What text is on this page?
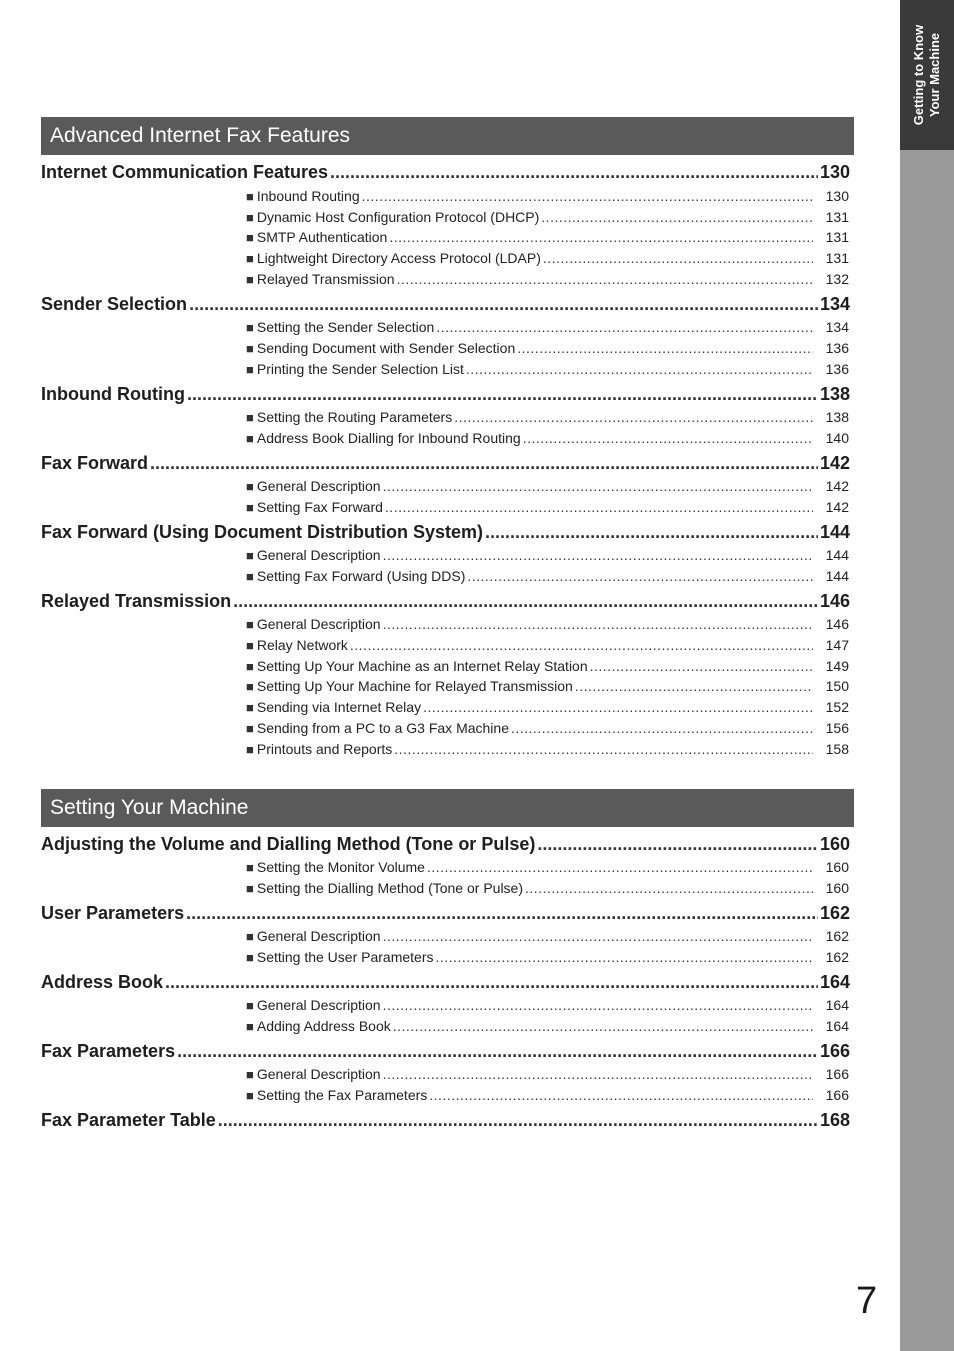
Getting to Know Your Machine
Advanced Internet Fax Features
Internet Communication Features .....	130
■ Inbound Routing .....	130
■ Dynamic Host Configuration Protocol (DHCP) .....	131
■ SMTP Authentication .....	131
■ Lightweight Directory Access Protocol (LDAP) .....	131
■ Relayed Transmission .....	132
Sender Selection .....	134
■ Setting the Sender Selection .....	134
■ Sending Document with Sender Selection .....	136
■ Printing the Sender Selection List .....	136
Inbound Routing .....	138
■ Setting the Routing Parameters .....	138
■ Address Book Dialling for Inbound Routing .....	140
Fax Forward .....	142
■ General Description .....	142
■ Setting Fax Forward .....	142
Fax Forward (Using Document Distribution System) .....	144
■ General Description .....	144
■ Setting Fax Forward (Using DDS) .....	144
Relayed Transmission .....	146
■ General Description .....	146
■ Relay Network .....	147
■ Setting Up Your Machine as an Internet Relay Station .....	149
■ Setting Up Your Machine for Relayed Transmission .....	150
■ Sending via Internet Relay .....	152
■ Sending from a PC to a G3 Fax Machine .....	156
■ Printouts and Reports .....	158
Setting Your Machine
Adjusting the Volume and Dialling Method (Tone or Pulse) .....	160
■ Setting the Monitor Volume .....	160
■ Setting the Dialling Method (Tone or Pulse) .....	160
User Parameters .....	162
■ General Description .....	162
■ Setting the User Parameters .....	162
Address Book .....	164
■ General Description .....	164
■ Adding Address Book .....	164
Fax Parameters .....	166
■ General Description .....	166
■ Setting the Fax Parameters .....	166
Fax Parameter Table .....	168
7
